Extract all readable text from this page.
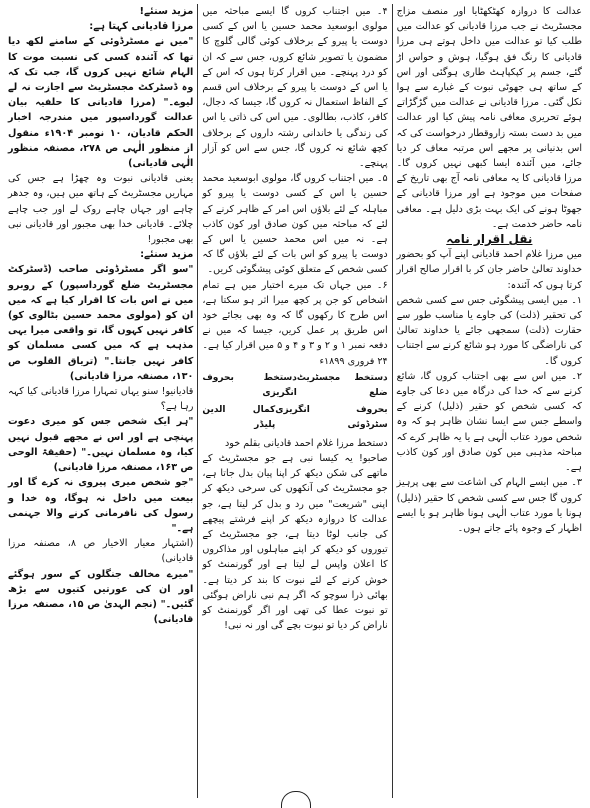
عدالت کا دروازہ کھٹکھٹایا اور منصف مزاج مجسٹریٹ نے جب مرزا قادیانی کو عدالت میں طلب کیا تو عدالت میں داخل ہوتے ہی مرزا قادیانی کا رنگ فق ہوگیا، ہوش و حواس اڑ گئے، جسم پر کپکپاہٹ طاری ہوگئی اور اس کے ساتھ ہی جھوٹی نبوت کے غبارے سے ہوا نکل گئی۔ مرزا قادیانی نے عدالت میں گڑگڑاتے ہوئے تحریری معافی نامہ پیش کیا اور عدالت میں بد دست بستہ زاروقطار درخواست کی کہ اس بدنیانی پر مجھے اس مرتبہ معاف کر دیا جائے، میں آئندہ ایسا کبھی نہیں کروں گا۔ مرزا قادیانی کا یہ معافی نامہ آج بھی تاریخ کے صفحات میں موجود ہے اور مرزا قادیانی کے جھوٹا ہونے کی ایک بہت بڑی دلیل ہے۔ معافی نامہ حاضر خدمت ہے۔

نقل اقرار نامہ

میں مرزا غلام احمد قادیانی اپنے آپ کو بحضور خداوند تعالیٰ حاضر جان کر با اقرار صالح اقرار کرتا ہوں کہ آئندہ:

۱۔ میں ایسی پیشگوئی جس سے کسی شخص کی تحقیر (ذلت) کی جاوے یا مناسب طور سے حقارت (ذلت) سمجھی جائے یا خداوند تعالیٰ کی ناراضگی کا مورد ہو شائع کرنے سے اجتناب کروں گا۔

۲۔ میں اس سے بھی اجتناب کروں گا، شائع کرنے سے کہ خدا کی درگاہ میں دعا کی جاوے کہ کسی شخص کو حقیر (ذلیل) کرنے کے واسطے جس سے ایسا نشان ظاہر ہو کہ وہ شخص مورد عتاب الٰہی ہے یا یہ ظاہر کرے کہ مباحثہ مذہبی میں کون صادق اور کون کاذب ہے۔

۳۔ میں ایسے الہام کی اشاعت سے بھی پرہیز کروں گا جس سے کسی شخص کا حقیر (ذلیل) ہونا یا مورد عتاب الٰہی ہونا ظاہر ہو یا ایسے اظہار کے وجوہ پائے جاتے ہوں۔

۴۔ میں اجتناب کروں گا ایسے مباحثہ میں مولوی ابوسعید محمد حسین یا اس کے کسی دوست یا پیرو کے برخلاف کوئی گالی گلوچ کا مضمون یا تصویر شائع کروں، جس سے کہ ان کو درد پہنچے۔ میں اقرار کرتا ہوں کہ اس کے یا اس کے دوست یا پیرو کے برخلاف اس قسم کے الفاظ استعمال نہ کروں گا، جیسا کہ دجال، کافر، کاذب، بطالوی۔ میں اس کی ذاتی یا اس کی زندگی یا خاندانی رشتہ داروں کے برخلاف کچھ شائع نہ کروں گا، جس سے اس کو آزار پہنچے۔

۵۔ میں اجتناب کروں گا، مولوی ابوسعید محمد حسین یا اس کے کسی دوست یا پیرو کو مباہلہ کے لئے بلاؤں اس امر کے ظاہر کرنے کے لئے کہ مباحثہ میں کون صادق اور کون کاذب ہے۔ نہ میں اس محمد حسین یا اس کے دوست یا پیرو کو اس بات کے لئے بلاؤں گا کہ کسی شخص کے متعلق کوئی پیشگوئی کریں۔

۶۔ میں جہاں تک میرے اختیار میں ہے تمام اشخاص کو جن پر کچھ میرا اثر ہو سکتا ہے، اس طرح کا رکھوں گا کہ وہ بھی بجائے خود اس طریق پر عمل کریں، جیسا کہ میں نے دفعہ نمبر ۱ و ۲ و ۳ و ۴ و ۵ میں اقرار کیا ہے۔ ۲۴ فروری ۱۸۹۹ء

دستخط مجسٹریٹ ضلع
دستخط بحروف انگریزی
بحروف انگریزی سٹرڈوئی
کمال الدین پلیڈر

دستخط مرزا غلام احمد قادیانی بقلم خود

صاحبو! یہ کیسا نبی ہے جو مجسٹریٹ کے ماتھے کی شکن دیکھ کر اپنا پیان بدل جاتا ہے، جو مجسٹریٹ کی آنکھوں کی سرخی دیکھ کر اپنی "شریعت" میں رد و بدل کر لیتا ہے، جو عدالت کا دروازہ دیکھ کر اپنے فرشتے پیچھے کی جانب لوٹا دیتا ہے، جو مجسٹریٹ کے تیوروں کو دیکھ کر اپنے مباہلوں اور مذاکروں کا اعلان واپس لے لیتا ہے اور گورنمنٹ کو خوش کرنے کے لئے نبوت کا بند کر دیتا ہے۔ بھائی ذرا سوچو کہ اگر ہم نبی ناراض ہوگئی تو نبوت عطا کی تھی اور اگر گورنمنٹ کو ناراض کر دیا تو نبوت بچے گی اور نہ نبی!

مزید سنئے!

مرزا قادیانی کہتا ہے:

"میں نے مسٹرڈوئی کے سامنے لکھ دیا تھا کہ آئندہ کسی کی نسبت موت کا الہام شائع نہیں کروں گا، جب تک کہ وہ ڈسٹرکٹ مجسٹریٹ سے اجازت نہ لے لیوے۔" (مرزا قادیانی کا حلفیہ بیان عدالت گورداسپور میں مندرجہ اخبار الحکم قادیان، ۱۰ نومبر ۱۹۰۴ء منقول از منظور الٰہی ص ۲۷۸، مصنفہ منظور الٰہی قادیانی)

یعنی قادیانی نبوت وہ چھڑا ہے جس کی مہاریں مجسٹریٹ کے ہاتھ میں ہیں، وہ جدھر چاہے اور جہاں چاہے روک لے اور جب چاہے چلائے۔ قادیانی خدا بھی مجبور اور قادیانی نبی بھی مجبور!

مزید سنئے:

"سو اگر مسٹرڈوئی صاحب (ڈسٹرکٹ مجسٹریٹ ضلع گورداسپور) کے روبرو میں نے اس بات کا اقرار کیا ہے کہ میں ان کو (مولوی محمد حسین بٹالوی کو) کافر نہیں کہوں گا، تو واقعی میرا یہی مذہب ہے کہ میں کسی مسلمان کو کافر نہیں جانتا۔" (تریاق القلوب ص ۱۳۰، مصنفہ مرزا قادیانی)

قادیانیو! سنو یہاں تمہارا مرزا قادیانی کیا کہہ رہا ہے؟

"ہر ایک شخص جس کو میری دعوت پہنچی ہے اور اس نے مجھے قبول نہیں کیا، وہ مسلمان نہیں۔" (حقیقۃ الوحی ص ۱۶۳، مصنفہ مرزا قادیانی)

"جو شخص میری پیروی نہ کرے گا اور بیعت میں داخل نہ ہوگا، وہ خدا و رسول کی نافرمانی کرنے والا جہنمی ہے۔"

(اشتہار معیار الاخیار ص ۸، مصنفہ مرزا قادیانی)

"میرے مخالف جنگلوں کے سور ہوگئے اور ان کی عورتیں کتیوں سے بڑھ گئیں۔" (نجم الہدیٰ ص ۱۵، مصنفہ مرزا قادیانی)
